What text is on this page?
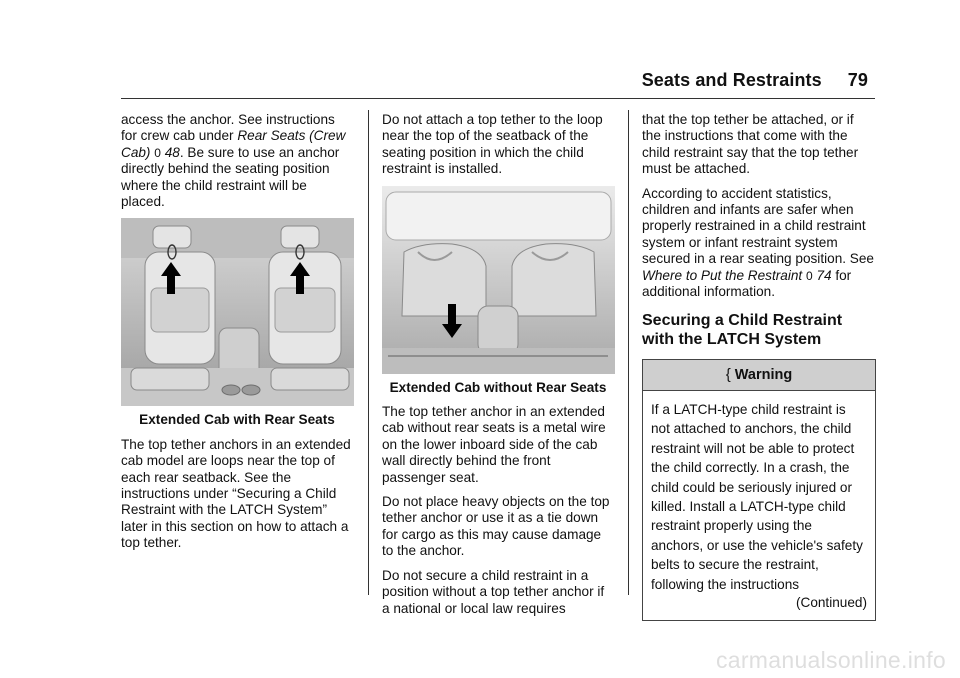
Seats and Restraints 79

access the anchor. See instructions for crew cab under Rear Seats (Crew Cab) 0 48. Be sure to use an anchor directly behind the seating position where the child restraint will be placed.

Extended Cab with Rear Seats

The top tether anchors in an extended cab model are loops near the top of each rear seatback. See the instructions under “Securing a Child Restraint with the LATCH System” later in this section on how to attach a top tether.

Do not attach a top tether to the loop near the top of the seatback of the seating position in which the child restraint is installed.

Extended Cab without Rear Seats

The top tether anchor in an extended cab without rear seats is a metal wire on the lower inboard side of the cab wall directly behind the front passenger seat.

Do not place heavy objects on the top tether anchor or use it as a tie down for cargo as this may cause damage to the anchor.

Do not secure a child restraint in a position without a top tether anchor if a national or local law requires

that the top tether be attached, or if the instructions that come with the child restraint say that the top tether must be attached.

According to accident statistics, children and infants are safer when properly restrained in a child restraint system or infant restraint system secured in a rear seating position. See Where to Put the Restraint 0 74 for additional information.

Securing a Child Restraint with the LATCH System
{ Warning
If a LATCH-type child restraint is not attached to anchors, the child restraint will not be able to protect the child correctly. In a crash, the child could be seriously injured or killed. Install a LATCH-type child restraint properly using the anchors, or use the vehicle's safety belts to secure the restraint, following the instructions
(Continued)
carmanualsonline.info
